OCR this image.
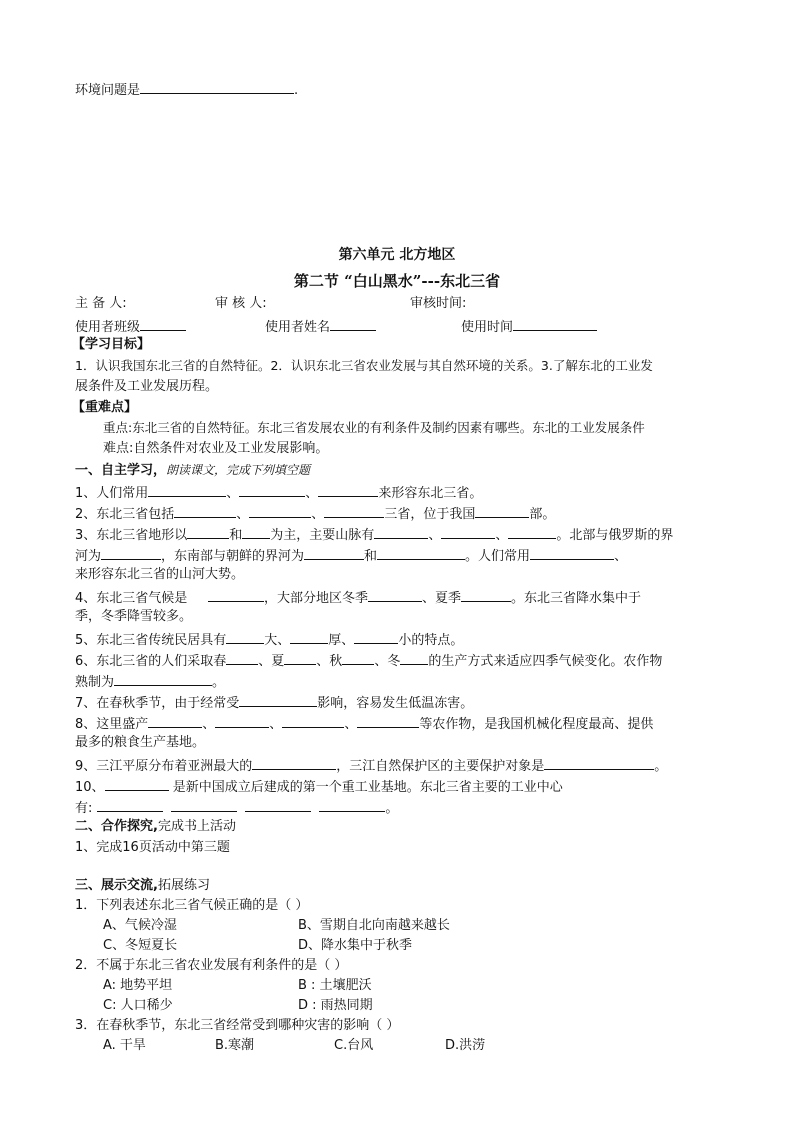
环境问题是	.
第六单元 北方地区
第二节 “白山黑水”---东北三省
主 备 人:	审 核 人:	审核时间:
使用者班级	使用者姓名	使用时间
【学习目标】
1．认识我国东北三省的自然特征。2．认识东北三省农业发展与其自然环境的关系。3.了解东北的工业发
展条件及工业发展历程。
【重难点】
重点:东北三省的自然特征。东北三省发展农业的有利条件及制约因素有哪些。东北的工业发展条件
难点:自然条件对农业及工业发展影响。
一、自主学习，朗读课文，完成下列填空题
1、人们常用	、	、	来形容东北三省。
2、东北三省包括	、	、	三省，位于我国	部。
3、东北三省地形以	和 为主，主要山脉有	、	、	。北部与俄罗斯的界
河为	，东南部与朝鲜的界河为	和	。人们常用	、
来形容东北三省的山河大势。
4、东北三省气候是	，大部分地区冬季	、夏季	。东北三省降水集中于
季，冬季降雪较多。
5、东北三省传统民居具有	大、	厚、	小的特点。
6、东北三省的人们采取春 、夏 、秋 、冬 的生产方式来适应四季气候变化。农作物
熟制为	。
7、在春秋季节，由于经常受	影响，容易发生低温冻害。
8、这里盛产	、	、	、	等农作物，是我国机械化程度最高、提供
最多的粮食生产基地。
9、三江平原分布着亚洲最大的	，三江自然保护区的主要保护对象是	。
10、	是新中国成立后建成的第一个重工业基地。东北三省主要的工业中心
有:	。
二、合作探究,完成书上活动
1、完成16页活动中第三题
三、展示交流,拓展练习
1．下列表述东北三省气候正确的是（ ）
A、气候冷湿	B、雪期自北向南越来越长
C、冬短夏长	D、降水集中于秋季
2．不属于东北三省农业发展有利条件的是（ ）
A: 地势平坦	B : 土壤肥沃
C: 人口稀少	D : 雨热同期
3．在春秋季节，东北三省经常受到哪种灾害的影响（ ）
A. 干旱	B.寒潮	C.台风	D.洪涝
